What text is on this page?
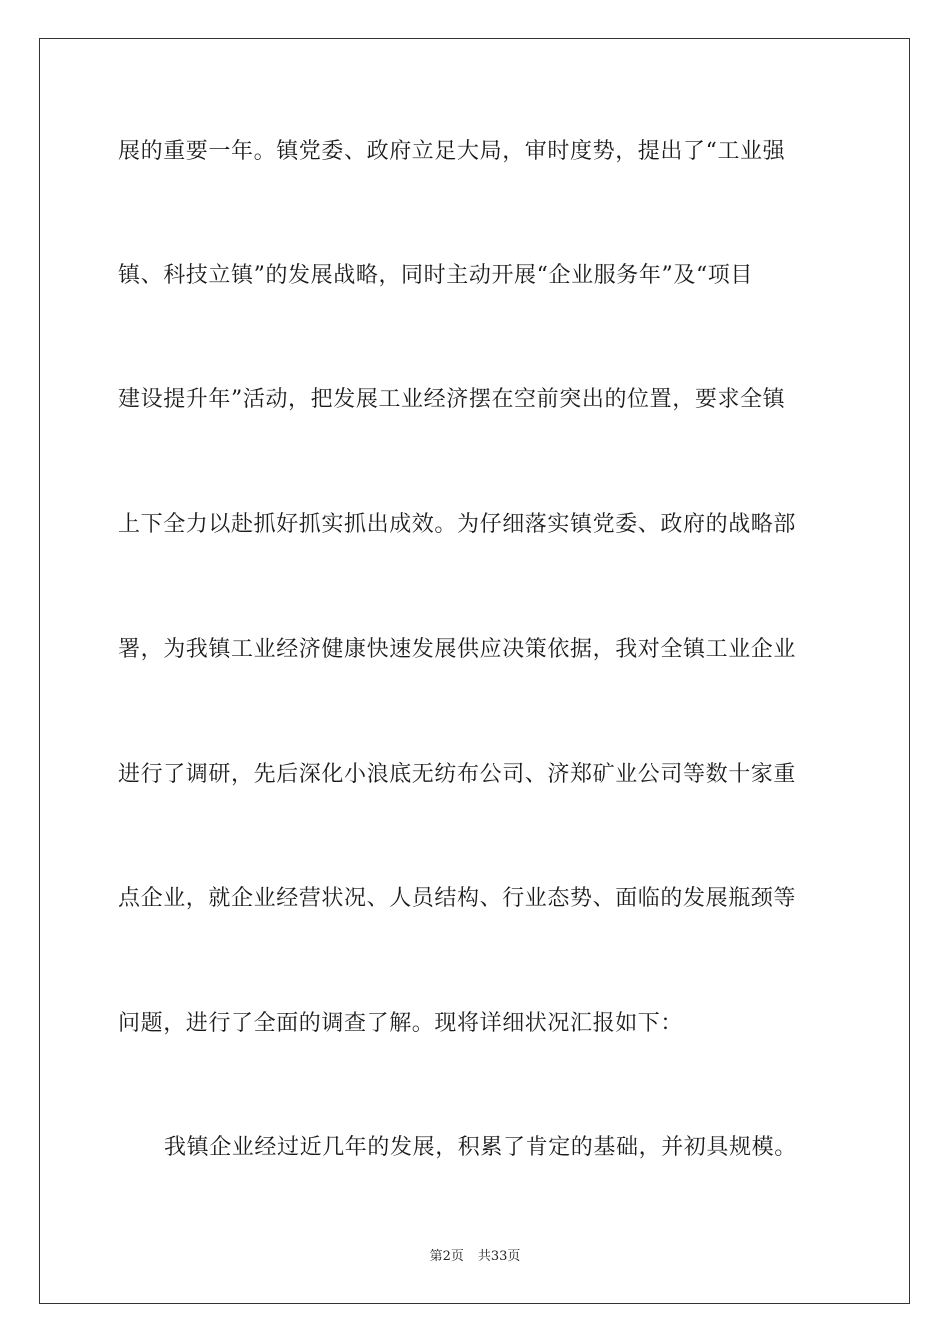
展的重要一年。镇党委、政府立足大局，审时度势，提出了“工业强
镇、科技立镇”的发展战略，同时主动开展“企业服务年”及“项目
建设提升年”活动，把发展工业经济摆在空前突出的位置，要求全镇
上下全力以赴抓好抓实抓出成效。为仔细落实镇党委、政府的战略部
署，为我镇工业经济健康快速发展供应决策依据，我对全镇工业企业
进行了调研，先后深化小浪底无纺布公司、济郑矿业公司等数十家重
点企业，就企业经营状况、人员结构、行业态势、面临的发展瓶颈等
问题，进行了全面的调查了解。现将详细状况汇报如下：
我镇企业经过近几年的发展，积累了肯定的基础，并初具规模。
第2页 共33页
